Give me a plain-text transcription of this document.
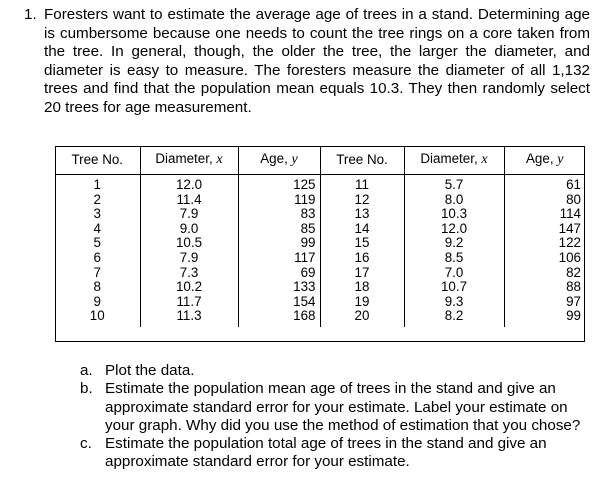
1. Foresters want to estimate the average age of trees in a stand. Determining age is cumbersome because one needs to count the tree rings on a core taken from the tree. In general, though, the older the tree, the larger the diameter, and diameter is easy to measure. The foresters measure the diameter of all 1,132 trees and find that the population mean equals 10.3. They then randomly select 20 trees for age measurement.
Tree No.	Diameter, x	Age, y	Tree No.	Diameter, x	Age, y
1	12.0	125	11	5.7	61
2	11.4	119	12	8.0	80
3	7.9	83	13	10.3	114
4	9.0	85	14	12.0	147
5	10.5	99	15	9.2	122
6	7.9	117	16	8.5	106
7	7.3	69	17	7.0	82
8	10.2	133	18	10.7	88
9	11.7	154	19	9.3	97
10	11.3	168	20	8.2	99

a. Plot the data.

b. Estimate the population mean age of trees in the stand and give an approximate standard error for your estimate. Label your estimate on your graph. Why did you use the method of estimation that you chose?

c. Estimate the population total age of trees in the stand and give an approximate standard error for your estimate.
